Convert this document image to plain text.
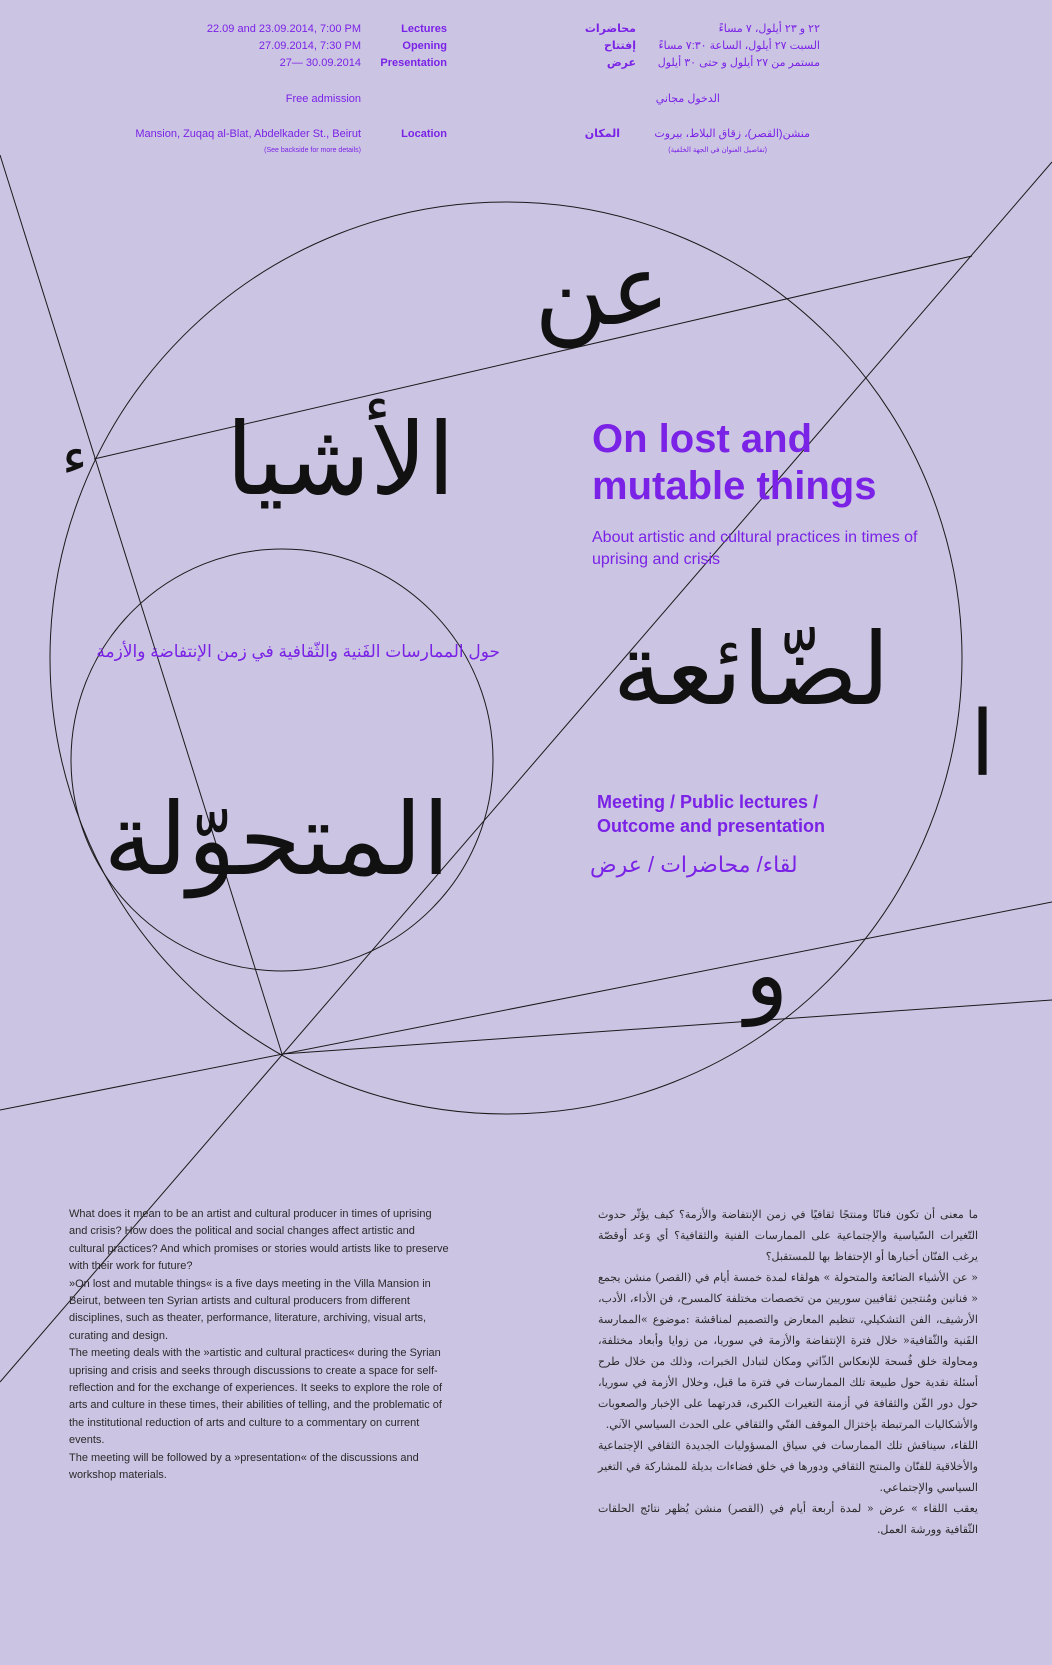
22.09 and 23.09.2014, 7:00 PM
27.09.2014, 7:30 PM
27— 30.09.2014
Lectures
Opening
Presentation
Free admission
Mansion, Zuqaq al-Blat, Abdelkader St., Beirut	Location
(See backside for more details)
محاضرات
إفتتاح
عرض
٢٢ و ٢٣ أيلول، ٧ مساءً
السبت ٢٧ أيلول، الساعة ٧:٣٠ مساءً
مستمر من ٢٧ أيلول و حتى ٣٠ أيلول
الدخول مجاني
المكان	منشن(القصر)، زقاق البلاط، بيروت
(تفاصيل العنوان في الجهة الخلفية)
عن
الأشيا
ء
لضّائعة
ا
و
المتحوّلة
On lost and
mutable things
About artistic and cultural practices in times of uprising and crisis
حول الممارسات الفَنية والثّقافية في زمن الإنتفاضة والأزمة
Meeting / Public lectures /
Outcome and presentation
لقاء/ محاضرات / عرض

What does it mean to be an artist and cultural producer in times of uprising and crisis? How does the political and social changes affect artistic and cultural practices? And which promises or stories would artists like to preserve with their work for future?

»On lost and mutable things« is a five days meeting in the Villa Mansion in Beirut, between ten Syrian artists and cultural producers from different disciplines, such as theater, performance, literature, archiving, visual arts, curating and design.

The meeting deals with the »artistic and cultural practices« during the Syrian uprising and crisis and seeks through discussions to create a space for self-reflection and for the exchange of experiences. It seeks to explore the role of arts and culture in these times, their abilities of telling, and the problematic of the institutional reduction of arts and culture to a commentary on current events.

The meeting will be followed by a »presentation« of the discussions and workshop materials.

ما معنى أن تكون فنانًا ومنتجًا ثقافيًا في زمن الإنتفاضة والأزمة؟ كيف يؤثّر حدوث التّغيرات السّياسية والإجتماعية على الممارسات الفنية والثقافية؟ أي وَعد أوقصّة يرغب الفنّان أخبارها أو الإحتفاظ بها للمستقبل؟

« عن الأشياء الضائعة والمتحولة » هولقاء لمدة خمسة أيام في (القصر) منشن يجمع « فنانين ومُنتجين ثقافيين سوريين من تخصصات مختلفة كالمسرح، فن الأداء، الأدب، الأرشيف، الفن التشكيلي، تنظيم المعارض والتصميم لمناقشة :موضوع »الممارسة الفَنية والثّقافية« خلال فترة الإنتفاضة والأزمة في سوريا، من زوايا وأبعاد مختلفة، ومحاولة خلق فُسحة للإنعكاس الذّاتي ومكان لتبادل الخبرات، وذلك من خلال طرح أسئلة نقدية حول طبيعة تلك الممارسات في فترة ما قبل، وخلال الأزمة في سوريا، حول دور الفّن والثقافة في أزمنة التغيرات الكبرى، قدرتهما على الإخبار والصعوبات والأشكاليات المرتبطة بإختزال الموقف الفنّي والثقافي على الحدث السياسي الآني.

اللقاء، سيناقش تلك الممارسات في سياق المسؤوليات الجديدة الثقافي الإجتماعية والأخلاقية للفنّان والمنتج الثقافي ودورها في خلق فضاءات بديلة للمشاركة في التغير السياسي والإجتماعي.

يعقب اللقاء » عرض « لمدة أربعة أيام في (القصر) منشن يُظهر نتائج الحلقات الثّقافية وورشة العمل.
